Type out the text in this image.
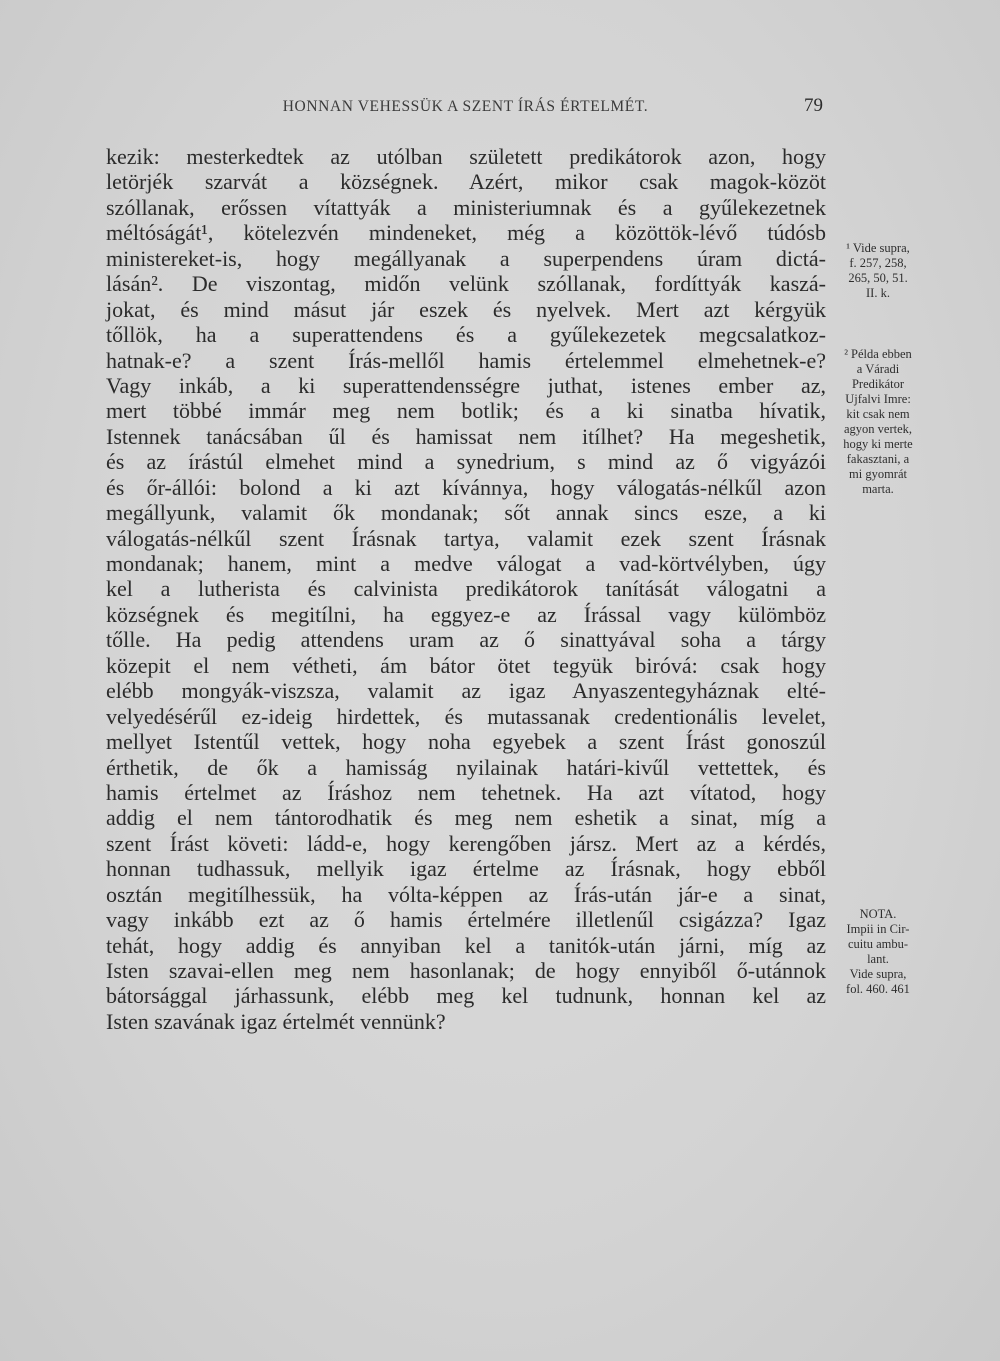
HONNAN VEHESSÜK A SZENT ÍRÁS ÉRTELMÉT.	79
kezik: mesterkedtek az utólban született predikátorok azon, hogy
letörjék szarvát a községnek. Azért, mikor csak magok-közöt
szóllanak, erőssen vítattyák a ministeriumnak és a gyűlekezetnek
méltóságát¹, kötelezvén mindeneket, még a közöttök-lévő túdósb
ministereket-is, hogy megállyanak a superpendens úram dictá-
lásán². De viszontag, midőn velünk szóllanak, fordíttyák kaszá-
jokat, és mind másut jár eszek és nyelvek. Mert azt kérgyük
tőllök, ha a superattendens és a gyűlekezetek megcsalatkoz-
hatnak-e? a szent Írás-mellől hamis értelemmel elmehetnek-e?
Vagy inkáb, a ki superattendensségre juthat, istenes ember az,
mert többé immár meg nem botlik; és a ki sinatba hívatik,
Istennek tanácsában űl és hamissat nem itílhet? Ha megeshetik,
és az írástúl elmehet mind a synedrium, s mind az ő vigyázói
és őr-állói: bolond a ki azt kívánnya, hogy válogatás-nélkűl azon
megállyunk, valamit ők mondanak; sőt annak sincs esze, a ki
válogatás-nélkűl szent Írásnak tartya, valamit ezek szent Írásnak
mondanak; hanem, mint a medve válogat a vad-körtvélyben, úgy
kel a lutherista és calvinista predikátorok tanítását válogatni a
községnek és megitílni, ha eggyez-e az Írással vagy külömböz
tőlle. Ha pedig attendens uram az ő sinattyával soha a tárgy
közepit el nem vétheti, ám bátor ötet tegyük biróvá: csak hogy
elébb mongyák-viszsza, valamit az igaz Anyaszentegyháznak elté-
velyedésérűl ez-ideig hirdettek, és mutassanak credentionális levelet,
mellyet Istentűl vettek, hogy noha egyebek a szent Írást gonoszúl
érthetik, de ők a hamisság nyilainak határi-kivűl vettettek, és
hamis értelmet az Íráshoz nem tehetnek. Ha azt vítatod, hogy
addig el nem tántorodhatik és meg nem eshetik a sinat, míg a
szent Írást követi: ládd-e, hogy kerengőben jársz. Mert az a kérdés,
honnan tudhassuk, mellyik igaz értelme az Írásnak, hogy ebből
osztán megitílhessük, ha vólta-képpen az Írás-után jár-e a sinat,
vagy inkább ezt az ő hamis értelmére illetlenűl csigázza? Igaz
tehát, hogy addig és annyiban kel a tanitók-után járni, míg az
Isten szavai-ellen meg nem hasonlanak; de hogy ennyiből ő-utánnok
bátorsággal járhassunk, elébb meg kel tudnunk, honnan kel az
Isten szavának igaz értelmét vennünk?
¹ Vide supra,
f. 257, 258,
265, 50, 51.
II. k.
² Példa ebben
a Váradi
Predikátor
Ujfalvi Imre:
kit csak nem
agyon vertek,
hogy ki merte
fakasztani, a
mi gyomrát
marta.
NOTA.
Impii in Cir-
cuitu ambu-
lant.
Vide supra,
fol. 460. 461
